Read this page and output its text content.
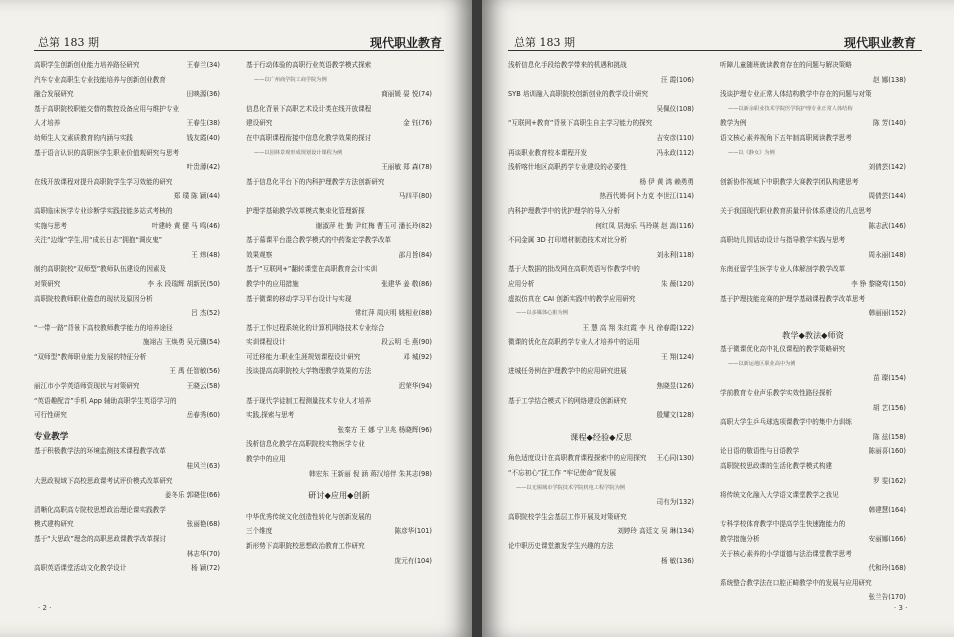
总第 183 期	现代职业教育
高职学生创新创业能力培养路径研究	王春兰(34)
汽车专业高职生专业技能培养与创新创业教育
融合发展研究	田映源(36)
基于高职院校职能交替的数控设备应用与维护专业
人才培养	王春生(38)
幼师生人文素质教育的内涵与实践	钱友霞(40)
基于语言认识的高职医学生职业价值观研究与思考
叶贵薄(42)
在线开放课程对提升高职院学生学习效能的研究
郑 璞 陈 颖(44)
高职临床医学专业诊断学实践技能多站式考核的
实施与思考	叶建岭 黄 健 马 鸣(46)
关注“边缘”学生,用“成长日志”拥抱“调皮鬼”
王 炜(48)
制约高职院校“双师型”教师队伍建设的因素及
对策研究	李 永 段瑞辉 胡新民(50)
高职院校教师职业倦怠的现状及原因分析
吕 杰(52)
“一带一路”背景下高校教师教学能力的培养途径
施翊吉 王焕勇 吴元骥(54)
“双师型”教师职业能力发展的特征分析
王 禹 任智敏(56)
丽江市小学英语师资现状与对策研究	王晓云(58)
“英语趣配音”手机 App 辅助高职学生英语学习的
可行性研究	岳春秀(60)
专业教学
基于积极教学法的环境监测技术课程教学改革
桂风兰(63)
大思政视域下高校思政课考试评价模式改革研究
姜冬乐 郭晓佳(66)
清晰化高职高专院校思想政治理论课实践教学
模式建构研究	张丽艳(68)
基于“大思政”理念的高职思政课教学改革探讨
林志华(70)
高职英语课堂活动文化教学设计	杨 颖(72)
基于行动体验的高职行业英语教学模式探索
——以广州商学院工商学院为例
商丽媛 晏 悦(74)
信息化背景下高职艺术设计类在线开放课程
建设研究	金 钰(76)
在中高职课程衔接中信息化教学效果的探讨
——以园林景观形成规划设计课程为例
王丽敏 郑 森(78)
基于信息化平台下的内科护理教学方法创新研究
马四平(80)
护理学基础教学改革模式集束化管理新探
谢淑萍 杜 勤 尹红梅 曹玉可 潘长玲(82)
基于慕课平台混合教学模式的中药鉴定学教学改革
效果观察	邵月旨(84)
基于“互联网+”翻转课堂在高职教育会计实训
教学中的应用措施	张建华 姜 敬(86)
基于微课的移动学习平台设计与实现
常红萍 周庆明 姚相业(88)
基于工作过程系统化的计算机网络技术专业综合
实训课程设计	段云明 毛 燕(90)
可迁移能力:职业生涯规划课程设计研究	邓 城(92)
浅谈提高高职院校大学物理教学效果的方法
迟荣华(94)
基于现代学徒制工程测量技术专业人才培养
实践,探索与思考
张秦方 王 娜 宁卫兆 杨晓辉(96)
浅析信息化教学在高职院校实物医学专业
教学中的应用
韩宏东 王新丽 倪 涵 蒋汉培伴 朱其志(98)
研讨◆应用◆创新
中华优秀传统文化创造性转化与创新发展的
三个维度	陈彦华(101)
新形势下高职院校思想政治教育工作研究
庞元有(104)
· 2 ·
总第 183 期	现代职业教育
浅析信息化手段给教学带来的机遇和挑战
汪 霞(106)
SYB 培训融入高职院校创新创业的教学设计研究
吴佩仪(108)
“互联网+教育”背景下高职生自主学习能力的探究
吉安彦(110)
再谈职业教育校本课程开发	冯永政(112)
浅析喀什地区高职药学专业建设的必要性
杨 伊 黄 鸿 赖勇勇
热西代姆·阿卜力克 李世江(114)
内科护理教学中的优护理学的导入分析
何红凤 居海乐 马玲瑛 赵 嵩(116)
不同金属 3D 打印增材制造技术对比分析
刘永利(118)
基于大数据的批改网在高职英语写作教学中的
应用分析	朱 薇(120)
虚拟仿真在 CAI 创新实践中的教学应用研究
——以多媒体心脏为例
王 慧 高 翔 朱红霞 李 凡 徐春霞(122)
微课的优化在高职药学专业人才培养中的运用
王 翔(124)
进城任务例在护理教学中的应用研究进展
焦晓昱(126)
基于工学结合模式下的网络建设创新研究
殷耀文(128)
课程◆经验◆反思
角色适度设计在高职教育课程探索中的应用探究 王心同(130)
“不忘初心”抚工作 “牢记使命”促发展
——以无锡城市学院技术学院机电工程学院为例
司有为(132)
高职院校学生会基层工作开展及对策研究
刘婷玲 高廷文 吴 琳(134)
论中职历史课堂激发学生兴趣的方法
杨 敏(136)
听障儿童随班就读教育存在的问题与解决策略
赵 娜(138)
浅谈护理专业正常人体结构教学中存在的问题与对策
——以新余职业技术学院医学院护理专业正常人体结构
教学为例	陈 芳(140)
语文核心素养视角下五年制高职阅读教学思考
——以《静女》为例
刘倩芸(142)
创新协作视域下中职教学大赛教学团队构建思考
周倩芸(144)
关于我国现代职业教育质量评价体系建设的几点思考
陈志武(146)
高职幼儿园话动设计与指导教学实践与思考
周永丽(148)
东南亚留学生医学专业人体解剖学教学改革
李 铮 黎晓莺(150)
基于护理技能竞赛的护理学基础课程教学改革思考
韩丽丽(152)
教学◆教法◆师资
基于微课优化高中礼仪课程的教学策略研究
——以新运地区职业高中为例
苗 璨(154)
学前教育专业声乐教学实效性路径探析
胡 艺(156)
高职大学生乒乓球选项课教学中的集中力训练
陈 兹(158)
论日语的敬语性与日语教学	陈丽喜(160)
高职院校思政课的生活化教学模式构建
罗 雯(162)
将传统文化融入大学语文课堂教学之我见
韩建慧(164)
专科学校体育教学中提高学生快速跑能力的
教学措施分析	安丽娜(166)
关于核心素养的小学道德与法治课堂教学思考
代和玲(168)
系统整合教学法在口腔正畸教学中的发展与应用研究
张兰告(170)
· 3 ·
